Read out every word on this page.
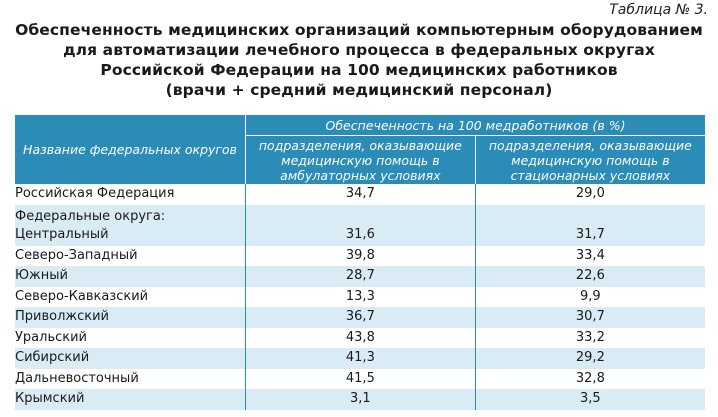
Таблица № 3.
Обеспеченность медицинских организаций компьютерным оборудованием
для автоматизации лечебного процесса в федеральных округах
Российской Федерации на 100 медицинских работников
(врачи + средний медицинский персонал)
Название федеральных округов	Обеспеченность на 100 медработников (в %)	
	подразделения, оказывающие медицинскую помощь в амбулаторных условиях	подразделения, оказывающие медицинскую помощь в стационарных условиях
Российская Федерация	34,7	29,0
Федеральные округа:
Центральный	31,6	31,7
Северо-Западный	39,8	33,4
Южный	28,7	22,6
Северо-Кавказский	13,3	9,9
Приволжский	36,7	30,7
Уральский	43,8	33,2
Сибирский	41,3	29,2
Дальневосточный	41,5	32,8
Крымский	3,1	3,5
